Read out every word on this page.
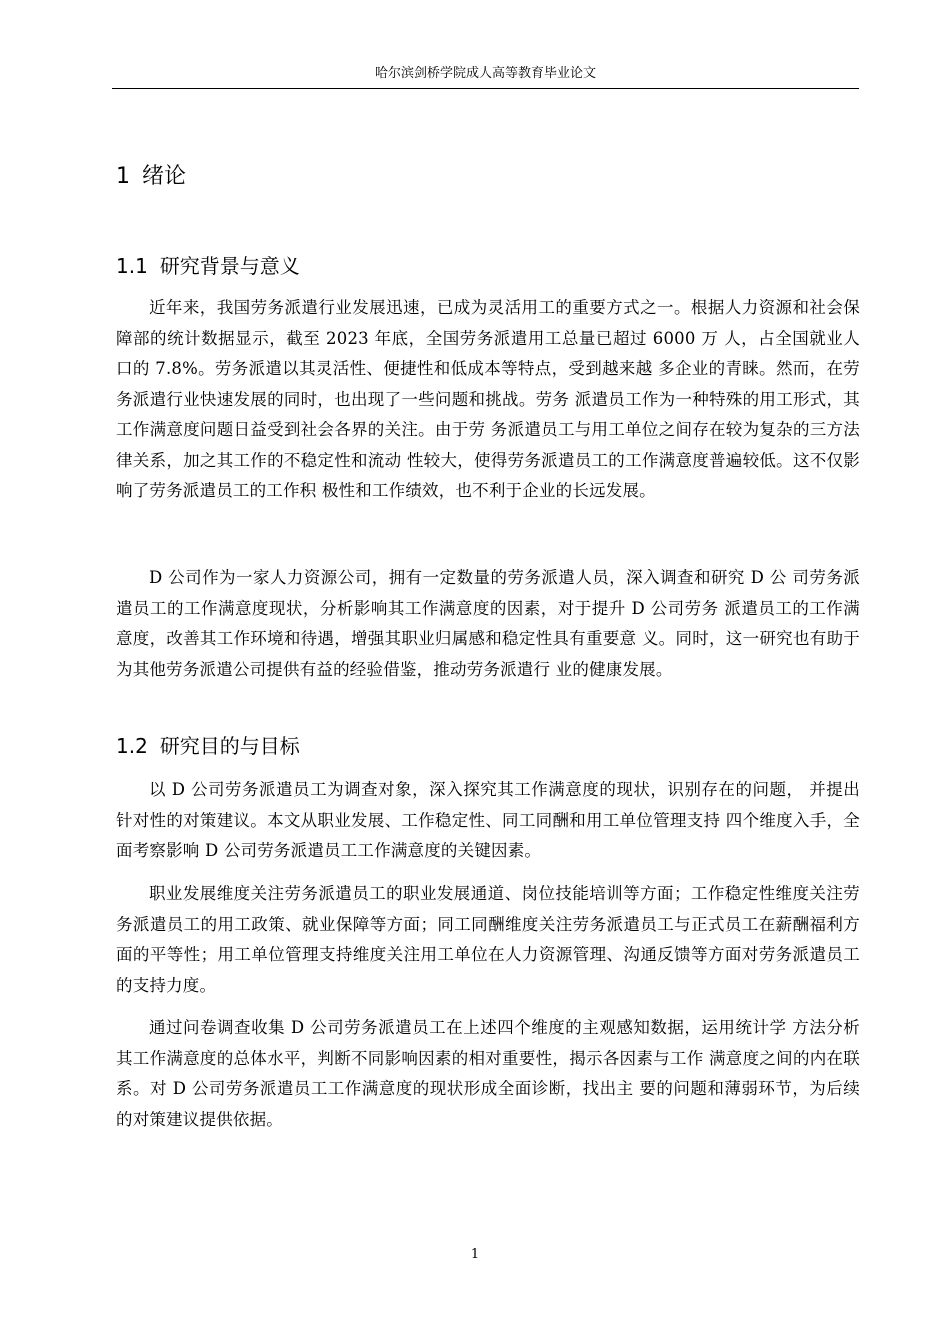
哈尔滨剑桥学院成人高等教育毕业论文
1 绪论
1.1 研究背景与意义

近年来，我国劳务派遣行业发展迅速，已成为灵活用工的重要方式之一。根据人力资源和社会保障部的统计数据显示，截至 2023 年底，全国劳务派遣用工总量已超过 6000 万 人，占全国就业人口的 7.8%。劳务派遣以其灵活性、便捷性和低成本等特点，受到越来越 多企业的青睐。然而，在劳务派遣行业快速发展的同时，也出现了一些问题和挑战。劳务 派遣员工作为一种特殊的用工形式，其工作满意度问题日益受到社会各界的关注。由于劳 务派遣员工与用工单位之间存在较为复杂的三方法律关系，加之其工作的不稳定性和流动 性较大，使得劳务派遣员工的工作满意度普遍较低。这不仅影响了劳务派遣员工的工作积 极性和工作绩效，也不利于企业的长远发展。

D 公司作为一家人力资源公司，拥有一定数量的劳务派遣人员，深入调查和研究 D 公 司劳务派遣员工的工作满意度现状，分析影响其工作满意度的因素，对于提升 D 公司劳务 派遣员工的工作满意度，改善其工作环境和待遇，增强其职业归属感和稳定性具有重要意 义。同时，这一研究也有助于为其他劳务派遣公司提供有益的经验借鉴，推动劳务派遣行 业的健康发展。

1.2 研究目的与目标

以 D 公司劳务派遣员工为调查对象，深入探究其工作满意度的现状，识别存在的问题， 并提出针对性的对策建议。本文从职业发展、工作稳定性、同工同酬和用工单位管理支持 四个维度入手，全面考察影响 D 公司劳务派遣员工工作满意度的关键因素。

职业发展维度关注劳务派遣员工的职业发展通道、岗位技能培训等方面；工作稳定性维度关注劳务派遣员工的用工政策、就业保障等方面；同工同酬维度关注劳务派遣员工与正式员工在薪酬福利方面的平等性；用工单位管理支持维度关注用工单位在人力资源管理、沟通反馈等方面对劳务派遣员工的支持力度。

通过问卷调查收集 D 公司劳务派遣员工在上述四个维度的主观感知数据，运用统计学 方法分析其工作满意度的总体水平，判断不同影响因素的相对重要性，揭示各因素与工作 满意度之间的内在联系。对 D 公司劳务派遣员工工作满意度的现状形成全面诊断，找出主 要的问题和薄弱环节，为后续的对策建议提供依据。

1
